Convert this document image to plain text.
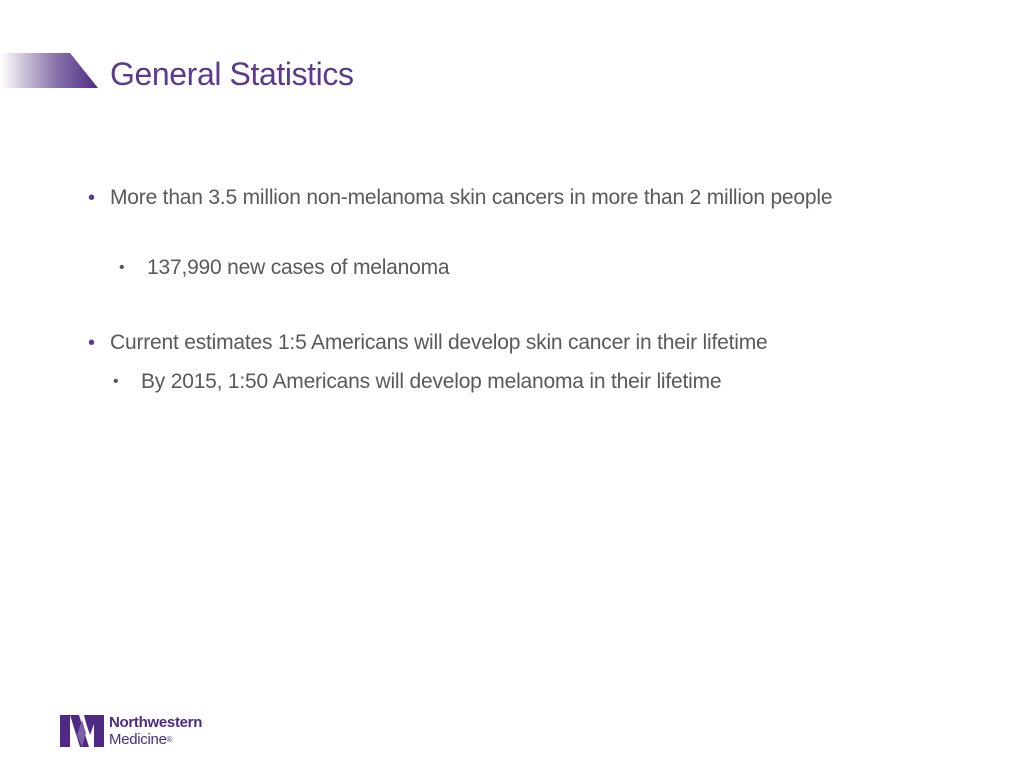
General Statistics
• More than 3.5 million non-melanoma skin cancers in more than 2 million people
• 137,990 new cases of melanoma
• Current estimates 1:5 Americans will develop skin cancer in their lifetime
• By 2015, 1:50 Americans will develop melanoma in their lifetime
Northwestern
Medicine®
